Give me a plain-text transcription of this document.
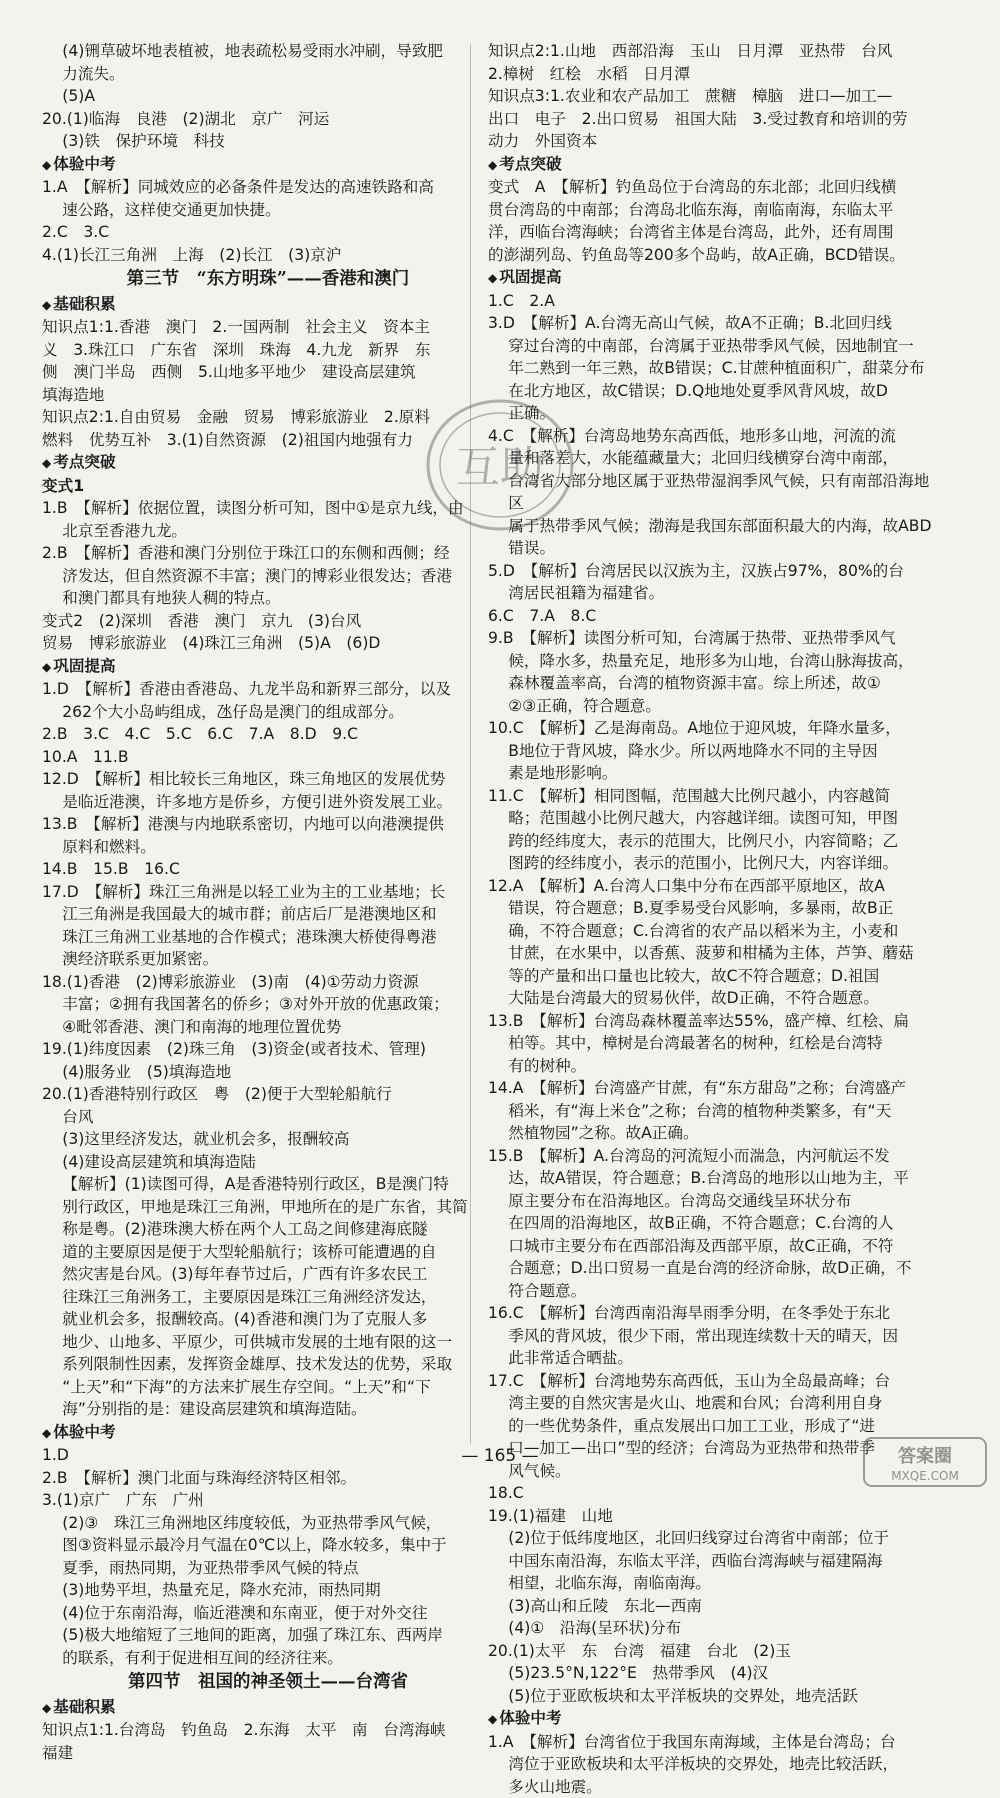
(4)铏草破坏地表植被，地表疏松易受雨水冲刷，导致肥

力流失。

(5)A

20.(1)临海　良港　(2)湖北　京广　河运

(3)铁　保护环境　科技

◆ 体验中考

1.A　【解析】同城效应的必备条件是发达的高速铁路和高

速公路，这样使交通更加快捷。

2.C　3.C

4.(1)长江三角洲　上海　(2)长江　(3)京沪

第三节　“东方明珠”——香港和澳门

◆ 基础积累

知识点1:1.香港　澳门　2.一国两制　社会主义　资本主

义　3.珠江口　广东省　深圳　珠海　4.九龙　新界　东

侧　澳门半岛　西侧　5.山地多平地少　建设高层建筑

填海造地

知识点2:1.自由贸易　金融　贸易　博彩旅游业　2.原料

燃料　优势互补　3.(1)自然资源　(2)祖国内地强有力

◆ 考点突破

变式1

1.B　【解析】依据位置，读图分析可知，图中①是京九线，由

北京至香港九龙。

2.B　【解析】香港和澳门分别位于珠江口的东侧和西侧；经

济发达，但自然资源不丰富；澳门的博彩业很发达；香港

和澳门都具有地狭人稠的特点。

变式2　(2)深圳　香港　澳门　京九　(3)台风

贸易　博彩旅游业　(4)珠江三角洲　(5)A　(6)D

◆ 巩固提高

1.D　【解析】香港由香港岛、九龙半岛和新界三部分，以及

262个大小岛屿组成，氹仔岛是澳门的组成部分。

2.B　3.C　4.C　5.C　6.C　7.A　8.D　9.C

10.A　11.B

12.D　【解析】相比较长三角地区，珠三角地区的发展优势

是临近港澳，许多地方是侨乡，方便引进外资发展工业。

13.B　【解析】港澳与内地联系密切，内地可以向港澳提供

原料和燃料。

14.B　15.B　16.C

17.D　【解析】珠江三角洲是以轻工业为主的工业基地；长

江三角洲是我国最大的城市群；前店后厂是港澳地区和

珠江三角洲工业基地的合作模式；港珠澳大桥使得粤港

澳经济联系更加紧密。

18.(1)香港　(2)博彩旅游业　(3)南　(4)①劳动力资源

丰富；②拥有我国著名的侨乡；③对外开放的优惠政策；

④毗邻香港、澳门和南海的地理位置优势

19.(1)纬度因素　(2)珠三角　(3)资金(或者技术、管理)

(4)服务业　(5)填海造地

20.(1)香港特别行政区　粤　(2)便于大型轮船航行

台风

(3)这里经济发达，就业机会多，报酬较高

(4)建设高层建筑和填海造陆

【解析】(1)读图可得，A是香港特别行政区，B是澳门特

别行政区，甲地是珠江三角洲，甲地所在的是广东省，其简

称是粤。(2)港珠澳大桥在两个人工岛之间修建海底隧

道的主要原因是便于大型轮船航行；该桥可能遭遇的自

然灾害是台风。(3)每年春节过后，广西有许多农民工

往珠江三角洲务工，主要原因是珠江三角洲经济发达，

就业机会多，报酬较高。(4)香港和澳门为了克服人多

地少、山地多、平原少，可供城市发展的土地有限的这一

系列限制性因素，发挥资金雄厚、技术发达的优势，采取

“上天”和“下海”的方法来扩展生存空间。“上天”和“下

海”分别指的是：建设高层建筑和填海造陆。

◆ 体验中考

1.D

2.B　【解析】澳门北面与珠海经济特区相邻。

3.(1)京广　广东　广州

(2)③　珠江三角洲地区纬度较低，为亚热带季风气候，

图③资料显示最冷月气温在0℃以上，降水较多，集中于

夏季，雨热同期，为亚热带季风气候的特点

(3)地势平坦，热量充足，降水充沛，雨热同期

(4)位于东南沿海，临近港澳和东南亚，便于对外交往

(5)极大地缩短了三地间的距离，加强了珠江东、西两岸

的联系，有利于促进相互间的经济往来。

第四节　祖国的神圣领土——台湾省

◆ 基础积累

知识点1:1.台湾岛　钓鱼岛　2.东海　太平　南　台湾海峡

福建

知识点2:1.山地　西部沿海　玉山　日月潭　亚热带　台风

2.樟树　红桧　水稻　日月潭

知识点3:1.农业和农产品加工　蔗糖　樟脑　进口—加工—

出口　电子　2.出口贸易　祖国大陆　3.受过教育和培训的劳

动力　外国资本

◆ 考点突破

变式　A　【解析】钓鱼岛位于台湾岛的东北部；北回归线横

贯台湾岛的中南部；台湾岛北临东海，南临南海，东临太平

洋，西临台湾海峡；台湾省主体是台湾岛，此外，还有周围

的澎湖列岛、钓鱼岛等200多个岛屿，故A正确，BCD错误。

◆ 巩固提高

1.C　2.A

3.D　【解析】A.台湾无高山气候，故A不正确；B.北回归线

穿过台湾的中南部，台湾属于亚热带季风气候，因地制宜一

年二熟到一年三熟，故B错误；C.甘蔗种植面积广，甜菜分布

在北方地区，故C错误；D.Q地地处夏季风背风坡，故D

正确。

4.C　【解析】台湾岛地势东高西低，地形多山地，河流的流

量和落差大，水能蕴藏量大；北回归线横穿台湾中南部，

台湾省大部分地区属于亚热带湿润季风气候，只有南部沿海地区

属于热带季风气候；渤海是我国东部面积最大的内海，故ABD

错误。

5.D　【解析】台湾居民以汉族为主，汉族占97%，80%的台

湾居民祖籍为福建省。

6.C　7.A　8.C

9.B　【解析】读图分析可知，台湾属于热带、亚热带季风气

候，降水多，热量充足，地形多为山地，台湾山脉海拔高，

森林覆盖率高，台湾的植物资源丰富。综上所述，故①

②③正确，符合题意。

10.C　【解析】乙是海南岛。A地位于迎风坡，年降水量多，

B地位于背风坡，降水少。所以两地降水不同的主导因

素是地形影响。

11.C　【解析】相同图幅，范围越大比例尺越小，内容越简

略；范围越小比例尺越大，内容越详细。读图可知，甲图

跨的经纬度大，表示的范围大，比例尺小，内容简略；乙

图跨的经纬度小，表示的范围小，比例尺大，内容详细。

12.A　【解析】A.台湾人口集中分布在西部平原地区，故A

错误，符合题意；B.夏季易受台风影响，多暴雨，故B正

确，不符合题意；C.台湾省的农产品以稻米为主，小麦和

甘蔗，在水果中，以香蕉、菠萝和柑橘为主体，芦笋、蘑菇

等的产量和出口量也比较大，故C不符合题意；D.祖国

大陆是台湾最大的贸易伙伴，故D正确，不符合题意。

13.B　【解析】台湾岛森林覆盖率达55%，盛产樟、红桧、扁

柏等。其中，樟树是台湾最著名的树种，红桧是台湾特

有的树种。

14.A　【解析】台湾盛产甘蔗，有“东方甜岛”之称；台湾盛产

稻米，有“海上米仓”之称；台湾的植物种类繁多，有“天

然植物园”之称。故A正确。

15.B　【解析】A.台湾岛的河流短小而湍急，内河航运不发

达，故A错误，符合题意；B.台湾岛的地形以山地为主，平

原主要分布在沿海地区。台湾岛交通线呈环状分布

在四周的沿海地区，故B正确，不符合题意；C.台湾的人

口城市主要分布在西部沿海及西部平原，故C正确，不符

合题意；D.出口贸易一直是台湾的经济命脉，故D正确，不

符合题意。

16.C　【解析】台湾西南沿海旱雨季分明，在冬季处于东北

季风的背风坡，很少下雨，常出现连续数十天的晴天，因

此非常适合晒盐。

17.C　【解析】台湾地势东高西低，玉山为全岛最高峰；台

湾主要的自然灾害是火山、地震和台风；台湾利用自身

的一些优势条件，重点发展出口加工工业，形成了“进

口—加工—出口”型的经济；台湾岛为亚热带和热带季

风气候。

18.C

19.(1)福建　山地

(2)位于低纬度地区，北回归线穿过台湾省中南部；位于

中国东南沿海，东临太平洋，西临台湾海峡与福建隔海

相望，北临东海，南临南海。

(3)高山和丘陵　东北—西南

(4)①　沿海(呈环状)分布

20.(1)太平　东　台湾　福建　台北　(2)玉

(5)23.5°N,122°E　热带季风　(4)汉

(5)位于亚欧板块和太平洋板块的交界处，地壳活跃

◆ 体验中考

1.A　【解析】台湾省位于我国东南海域，主体是台湾岛；台

湾位于亚欧板块和太平洋板块的交界处，地壳比较活跃，

多火山地震。

互助
— 165 —	答案圈
MXQE.COM
